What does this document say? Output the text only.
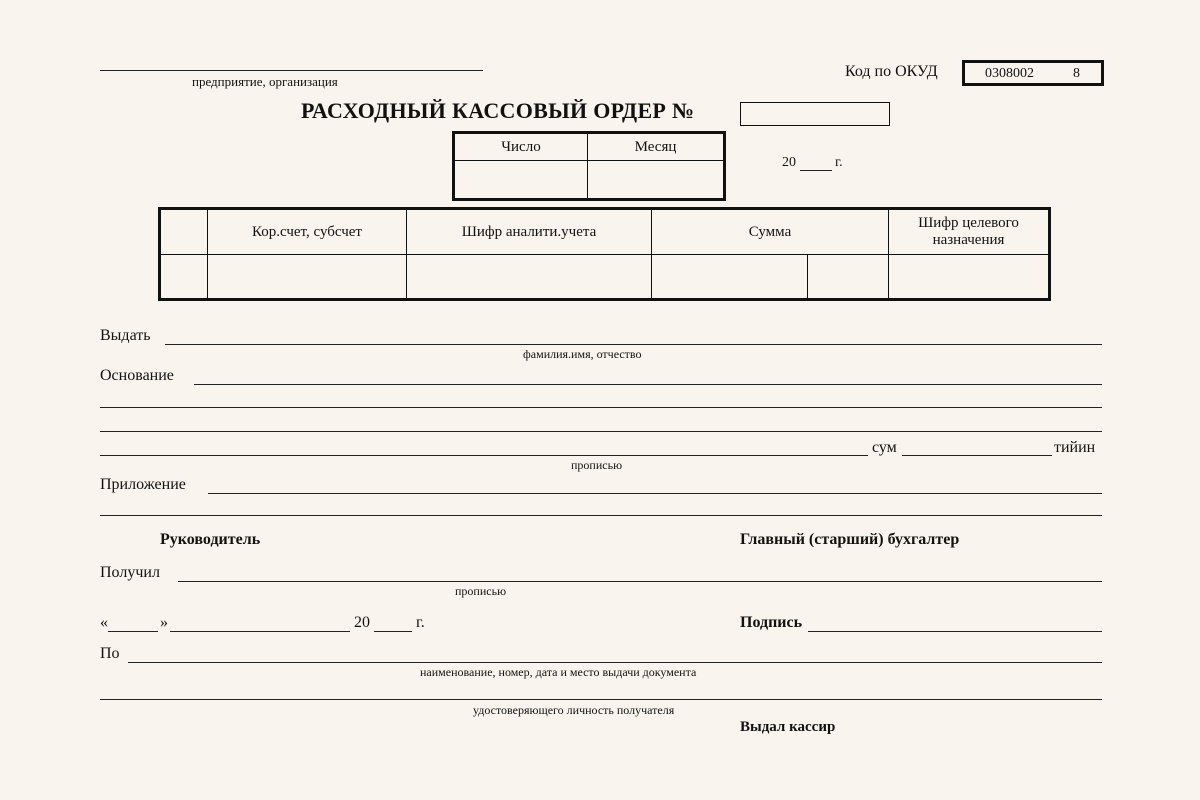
предприятие, организация
Код по ОКУД	0308002	8
РАСХОДНЫЙ КАССОВЫЙ ОРДЕР №
Число	Месяц

20	г.
	Кор.счет, субсчет	Шифр аналити.учета	Сумма		Шифр целевого
назначения

Выдать
фамилия.имя, отчество
Основание
сум	тийин
прописью
Приложение
Руководитель	Главный (старший) бухгалтер
Получил
прописью
«	»	20	г.	Подпись
По
наименование, номер, дата и место выдачи документа
удостоверяющего личность получателя
Выдал кассир
